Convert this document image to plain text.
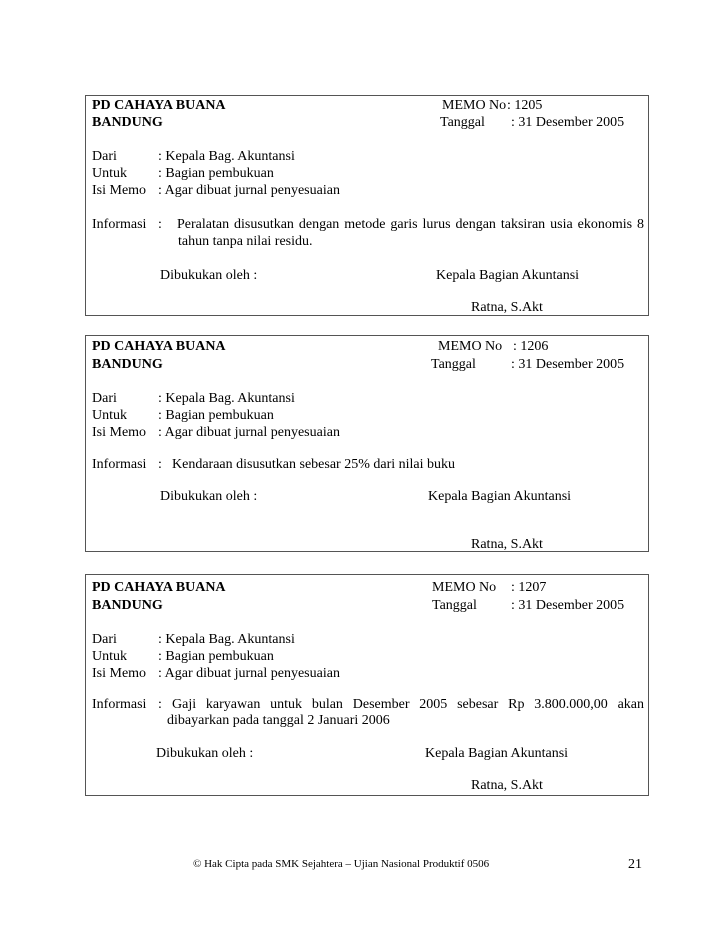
PD CAHAYA BUANA	MEMO No : 1205
BANDUNG	Tanggal : 31 Desember 2005
Dari	: Kepala Bag. Akuntansi
Untuk : Bagian pembukuan
Isi Memo : Agar dibuat jurnal penyesuaian
Informasi : Peralatan disusutkan dengan metode garis lurus dengan taksiran usia ekonomis 8
tahun tanpa nilai residu.
Dibukukan oleh :	Kepala Bagian Akuntansi
Ratna, S.Akt
PD CAHAYA BUANA	MEMO No : 1206
BANDUNG	Tanggal	: 31 Desember 2005
Dari	: Kepala Bag. Akuntansi
Untuk : Bagian pembukuan
Isi Memo : Agar dibuat jurnal penyesuaian
Informasi : Kendaraan disusutkan sebesar 25% dari nilai buku
Dibukukan oleh :	Kepala Bagian Akuntansi
Ratna, S.Akt
PD CAHAYA BUANA	MEMO No : 1207
BANDUNG	Tanggal : 31 Desember 2005
Dari	: Kepala Bag. Akuntansi
Untuk : Bagian pembukuan
Isi Memo : Agar dibuat jurnal penyesuaian
Informasi : Gaji karyawan untuk bulan Desember 2005 sebesar Rp 3.800.000,00 akan
dibayarkan pada tanggal 2 Januari 2006
Dibukukan oleh :	Kepala Bagian Akuntansi
Ratna, S.Akt
© Hak Cipta pada SMK Sejahtera – Ujian Nasional Produktif 0506	21
